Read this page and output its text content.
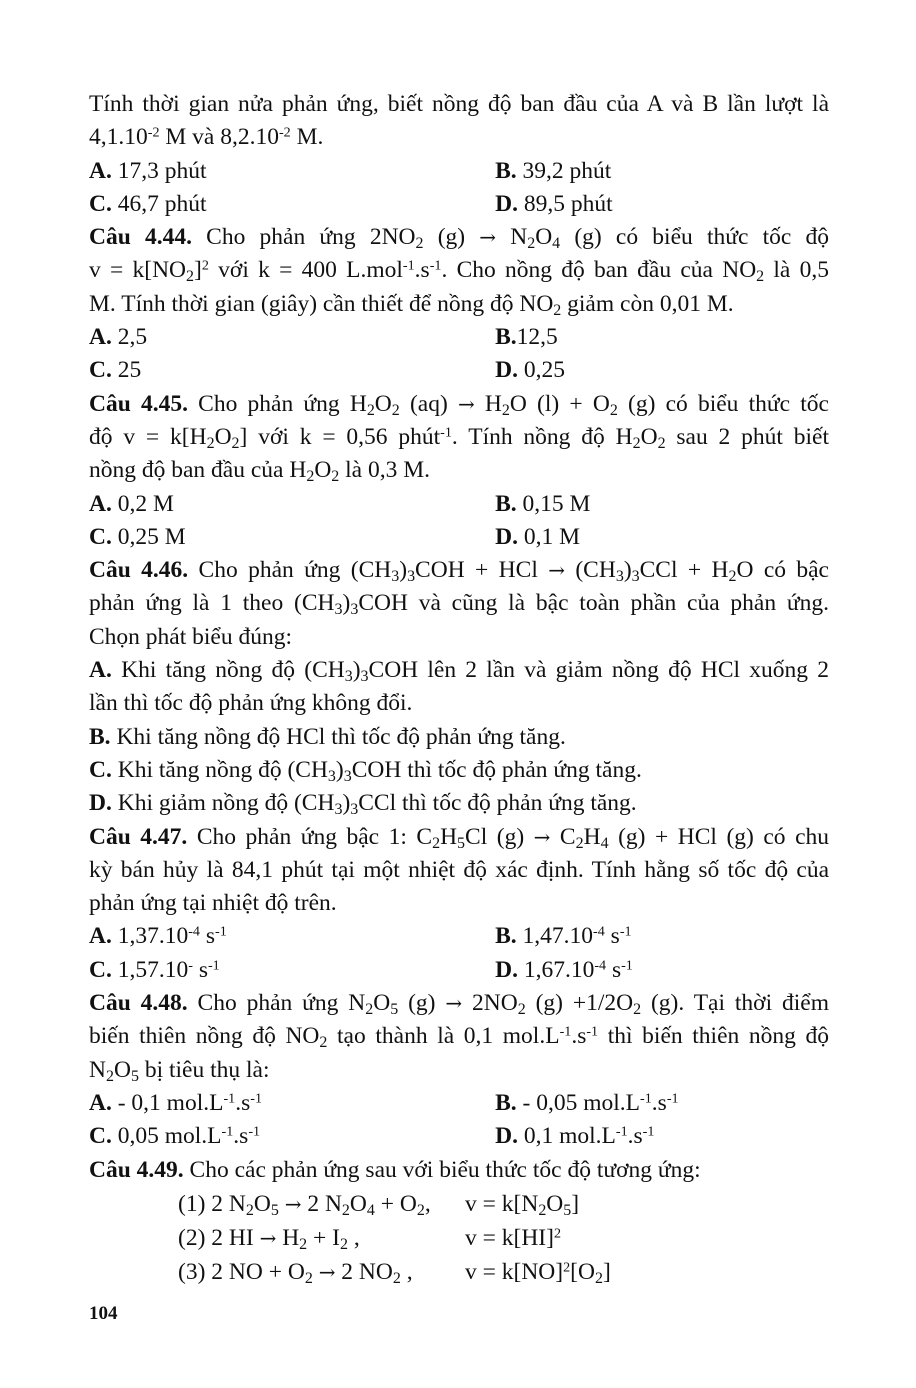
Tính thời gian nửa phản ứng, biết nồng độ ban đầu của A và B lần lượt là

$4,1.10^{-2}$ M và $8,2.10^{-2}$ M.

A. 17,3 phút	B. 39,2 phút
C. 46,7 phút	D. 89,5 phút

Câu 4.44. Cho phản ứng $2NO_2$ $(g) \to N_2O_4$ (g) có biểu thức tốc độ

$v = k[NO_2]^2$ với k = 400 $L.mol^{-1}.s^{-1}$. Cho nồng độ ban đầu của $NO_2$ là 0,5

M. Tính thời gian (giây) cần thiết để nồng độ $NO_2$ giảm còn 0,01 M.

A. 2,5	B.12,5
C. 25	D. 0,25

Câu 4.45. Cho phản ứng $H_2O_2$ $(aq) \to H_2O$ $(l) + O_2$ (g) có biểu thức tốc

độ $v = k[H_2O_2]$ với k = 0,56 phút$^{-1}$. Tính nồng độ $H_2O_2$ sau 2 phút biết

nồng độ ban đầu của $H_2O_2$ là 0,3 M.

A. 0,2 M	B. 0,15 M
C. 0,25 M	D. 0,1 M

Câu 4.46. Cho phản ứng $(CH_3)_3COH$ + HCl → $(CH_3)_3CCl + H_2O$ có bậc

phản ứng là 1 theo $(CH_3)_3COH$ và cũng là bậc toàn phần của phản ứng.

Chọn phát biểu đúng:

A. Khi tăng nồng độ $(CH_3)_3COH$ lên 2 lần và giảm nồng độ HCl xuống 2

lần thì tốc độ phản ứng không đổi.

B. Khi tăng nồng độ HCl thì tốc độ phản ứng tăng.

C. Khi tăng nồng độ $(CH_3)_3COH$ thì tốc độ phản ứng tăng.

D. Khi giảm nồng độ $(CH_3)_3CCl$ thì tốc độ phản ứng tăng.

Câu 4.47. Cho phản ứng bậc 1: $C_2H_5Cl$ $(g) \to C_2H_4$ (g) + HCl (g) có chu

kỳ bán hủy là 84,1 phút tại một nhiệt độ xác định. Tính hằng số tốc độ của

phản ứng tại nhiệt độ trên.

A. $1,37.10^{-4}$ $s^{-1}$	B. $1,47.10^{-4}$ $s^{-1}$
C. 1,57.10- $s^{-1}$	D. $1,67.10^{-4}$ $s^{-1}$

Câu 4.48. Cho phản ứng $N_2O_5$ $(g) \to 2NO_2$ $(g) +1/2O_2$ (g). Tại thời điểm

biến thiên nồng độ $NO_2$ tạo thành là 0,1 $mol.L^{-1}.s^{-1}$ thì biến thiên nồng độ

$N_2O_5$ bị tiêu thụ là:

A. - 0,1 $mol.L^{-1}.s^{-1}$	B. - 0,05 $mol.L^{-1}.s^{-1}$
C. 0,05 $mol.L^{-1}.s^{-1}$	D. 0,1 $mol.L^{-1}.s^{-1}$

Câu 4.49. Cho các phản ứng sau với biểu thức tốc độ tương ứng:

(1) 2 $N_2O_5 \to 2$ $N_2O_4 + O_2$,	$v = k[N_2O_5]$
(2) 2 HI → $H_2 + I_2$ ,	v = k[HI]$^2$
(3) 2 NO + $O_2 \to 2$ $NO_2$ ,	$v = k[NO]^2[O_2]$
104
